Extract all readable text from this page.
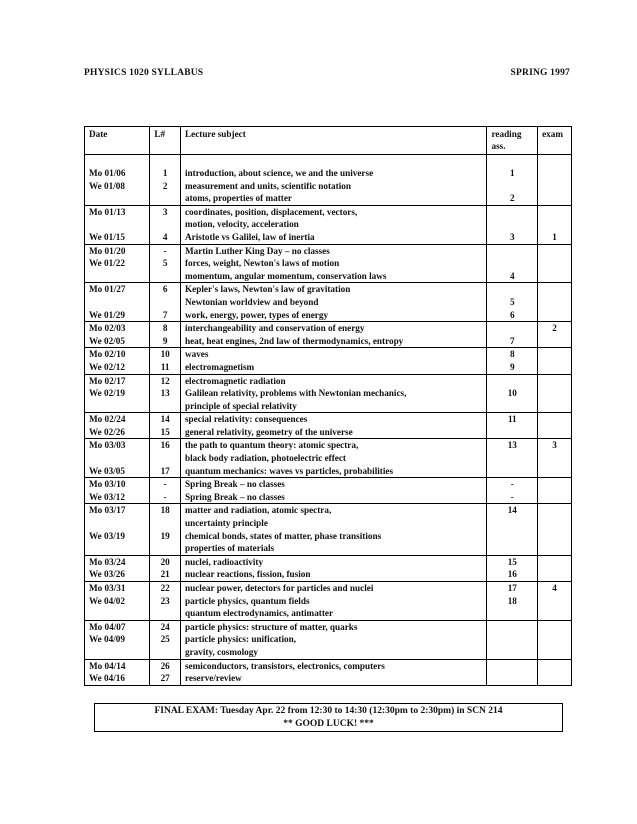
PHYSICS 1020 SYLLABUS	SPRING 1997
Date	L#	Lecture subject	reading ass.	exam

Mo 01/06	1	introduction, about science, we and the universe	1	
We 01/08	2	measurement and units, scientific notation		
		atoms, properties of matter	2	
Mo 01/13	3	coordinates, position, displacement, vectors,		
		motion, velocity, acceleration		
We 01/15	4	Aristotle vs Galilei, law of inertia	3	1
Mo 01/20	-	Martin Luther King Day – no classes		
We 01/22	5	forces, weight, Newton's laws of motion		
		momentum, angular momentum, conservation laws	4	
Mo 01/27	6	Kepler's laws, Newton's law of gravitation		
		Newtonian worldview and beyond	5	
We 01/29	7	work, energy, power, types of energy	6	
Mo 02/03	8	interchangeability and conservation of energy		2
We 02/05	9	heat, heat engines, 2nd law of thermodynamics, entropy	7	
Mo 02/10	10	waves	8	
We 02/12	11	electromagnetism	9	
Mo 02/17	12	electromagnetic radiation		
We 02/19	13	Galilean relativity, problems with Newtonian mechanics,	10	
		principle of special relativity		
Mo 02/24	14	special relativity: consequences	11	
We 02/26	15	general relativity, geometry of the universe		
Mo 03/03	16	the path to quantum theory: atomic spectra,	13	3
		black body radiation, photoelectric effect		
We 03/05	17	quantum mechanics: waves vs particles, probabilities		
Mo 03/10	-	Spring Break – no classes	-	
We 03/12	-	Spring Break – no classes	-	
Mo 03/17	18	matter and radiation, atomic spectra,	14	
		uncertainty principle		
We 03/19	19	chemical bonds, states of matter, phase transitions		
		properties of materials		
Mo 03/24	20	nuclei, radioactivity	15	
We 03/26	21	nuclear reactions, fission, fusion	16	
Mo 03/31	22	nuclear power, detectors for particles and nuclei	17	4
We 04/02	23	particle physics, quantum fields	18	
		quantum electrodynamics, antimatter		
Mo 04/07	24	particle physics: structure of matter, quarks		
We 04/09	25	particle physics: unification,		
		gravity, cosmology		
Mo 04/14	26	semiconductors, transistors, electronics, computers		
We 04/16	27	reserve/review		
FINAL EXAM: Tuesday Apr. 22 from 12:30 to 14:30 (12:30pm to 2:30pm) in SCN 214
** GOOD LUCK! ***
